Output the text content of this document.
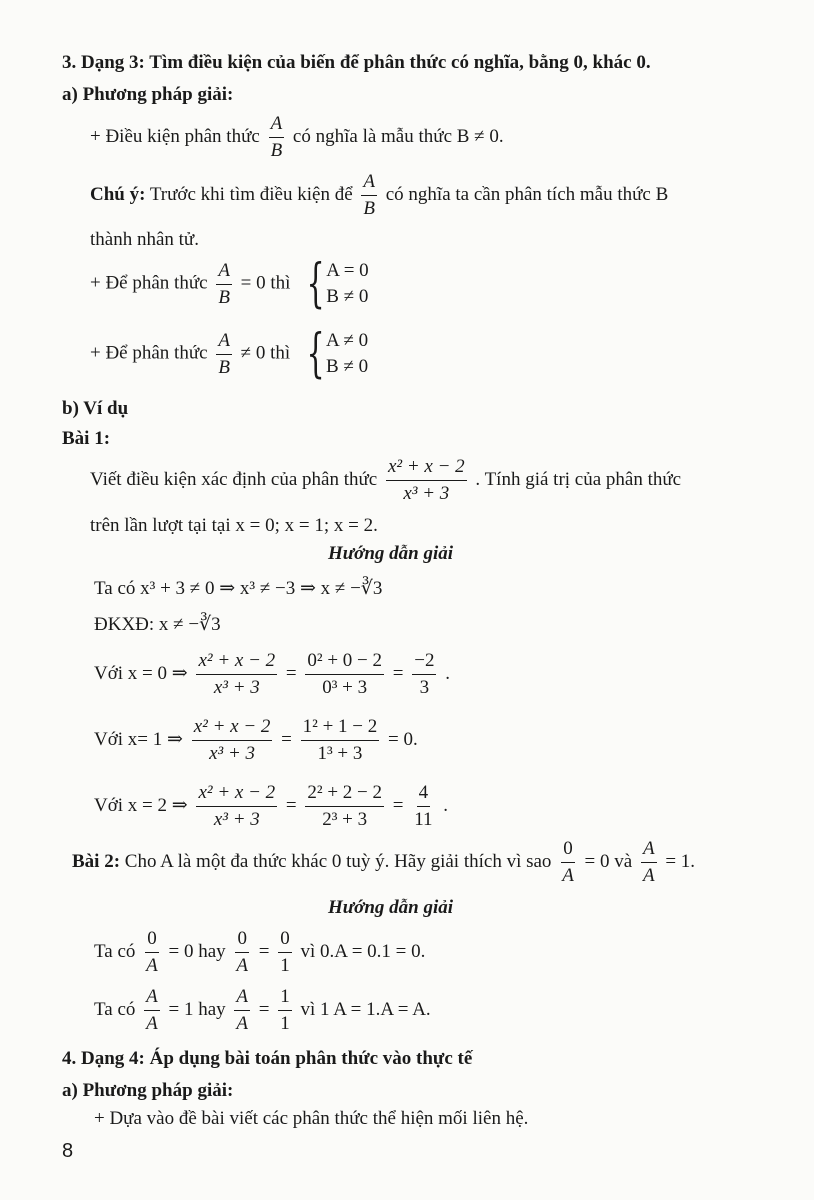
3. Dạng 3: Tìm điều kiện của biến để phân thức có nghĩa, bằng 0, khác 0.
a) Phương pháp giải:
+ Điều kiện phân thức $\frac{A}{B}$ có nghĩa là mẫu thức B ≠ 0.
Chú ý: Trước khi tìm điều kiện để $\frac{A}{B}$ có nghĩa ta cần phân tích mẫu thức B
thành nhân tử.
+ Để phân thức $\frac{A}{B} = 0$ thì { A = 0
B ≠ 0
+ Để phân thức $\frac{A}{B} \ne 0$ thì { A ≠ 0
B ≠ 0
b) Ví dụ
Bài 1:
Viết điều kiện xác định của phân thức $\frac{\text{x² + x − 2}}{\text{x³ + 3}}$ . Tính giá trị của phân thức
trên lần lượt tại tại x = 0; x = 1; x = 2.
Hướng dẫn giải
Ta có x³ + 3 ≠ 0 ⇒ x³ ≠ −3 ⇒ x ≠ −∛3
ĐKXĐ: x ≠ −∛3
Với x = 0 ⇒ $\frac{\text{x² + x − 2}}{\text{x³ + 3}} = \frac{\text{0² + 0 − 2}}{\text{0³ + 3}} = \frac{-2}{3}$ .
Với x= 1 ⇒ $\frac{\text{x² + x − 2}}{\text{x³ + 3}} = \frac{\text{1² + 1 − 2}}{\text{1³ + 3}} = 0$.
Với x = 2 ⇒ $\frac{\text{x² + x − 2}}{\text{x³ + 3}} = \frac{\text{2² + 2 − 2}}{\text{2³ + 3}} = \frac{4}{11}$ .
Bài 2: Cho A là một đa thức khác 0 tuỳ ý. Hãy giải thích vì sao $\frac{0}{A} = 0$ và $\frac{A}{A} = 1$.
Hướng dẫn giải
Ta có $\frac{0}{A} = 0$ hay $\frac{0}{A} = \frac{0}{1}$ vì 0.A = 0.1 = 0.
Ta có $\frac{A}{A} = 1$ hay $\frac{A}{A} = \frac{1}{1}$ vì 1 A = 1.A = A.
4. Dạng 4: Áp dụng bài toán phân thức vào thực tế
a) Phương pháp giải:
+ Dựa vào đề bài viết các phân thức thể hiện mối liên hệ.
8
